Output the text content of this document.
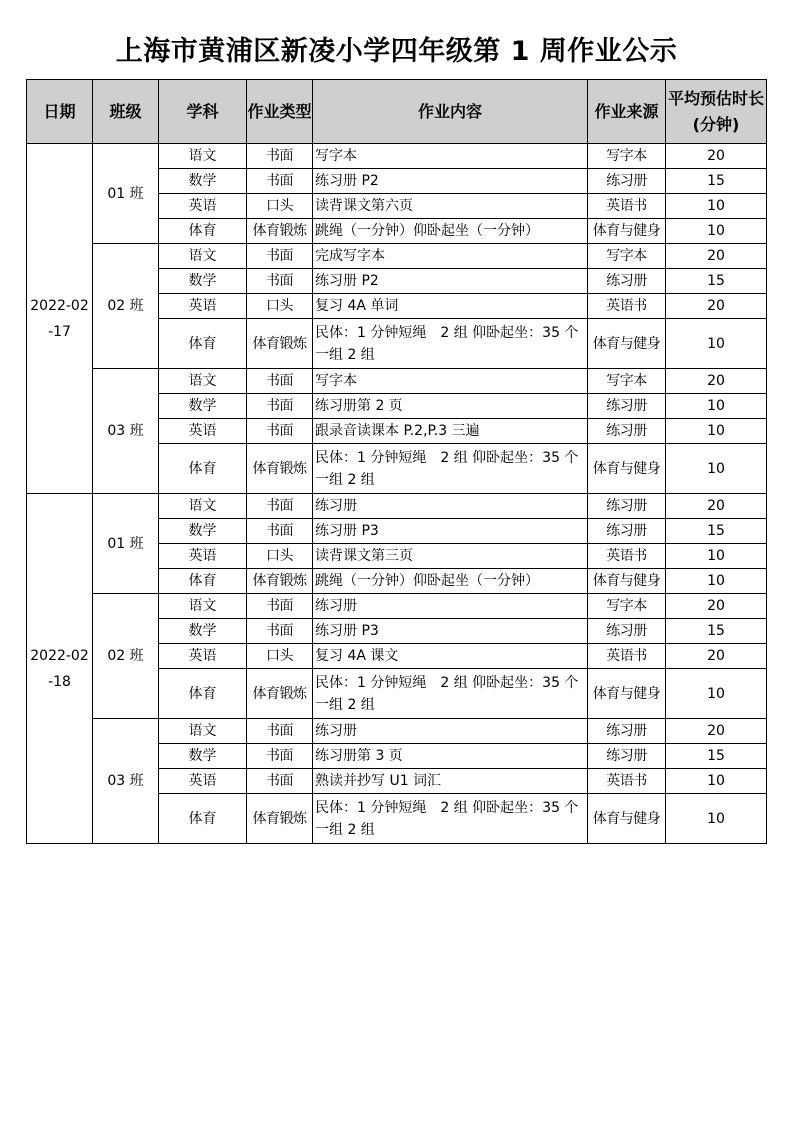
上海市黄浦区新凌小学四年级第 1 周作业公示
日期	班级	学科	作业类型	作业内容	作业来源	平均预估时长(分钟)
2022-02-17	01 班	语文	书面	写字本	写字本	20
		数学	书面	练习册 P2	练习册	15
		英语	口头	读背课文第六页	英语书	10
		体育	体育锻炼	跳绳（一分钟）仰卧起坐（一分钟）	体育与健身	10
	02 班	语文	书面	完成写字本	写字本	20
		数学	书面	练习册 P2	练习册	15
		英语	口头	复习 4A 单词	英语书	20
		体育	体育锻炼	民体：1 分钟短绳　2 组 仰卧起坐：35 个一组 2 组	体育与健身	10
	03 班	语文	书面	写字本	写字本	20
		数学	书面	练习册第 2 页	练习册	10
		英语	书面	跟录音读课本 P.2,P.3 三遍	练习册	10
		体育	体育锻炼	民体：1 分钟短绳　2 组 仰卧起坐：35 个一组 2 组	体育与健身	10
2022-02-18	01 班	语文	书面	练习册	练习册	20
		数学	书面	练习册 P3	练习册	15
		英语	口头	读背课文第三页	英语书	10
		体育	体育锻炼	跳绳（一分钟）仰卧起坐（一分钟）	体育与健身	10
	02 班	语文	书面	练习册	写字本	20
		数学	书面	练习册 P3	练习册	15
		英语	口头	复习 4A 课文	英语书	20
		体育	体育锻炼	民体：1 分钟短绳　2 组 仰卧起坐：35 个一组 2 组	体育与健身	10
	03 班	语文	书面	练习册	练习册	20
		数学	书面	练习册第 3 页	练习册	15
		英语	书面	熟读并抄写 U1 词汇	英语书	10
		体育	体育锻炼	民体：1 分钟短绳　2 组 仰卧起坐：35 个一组 2 组	体育与健身	10
